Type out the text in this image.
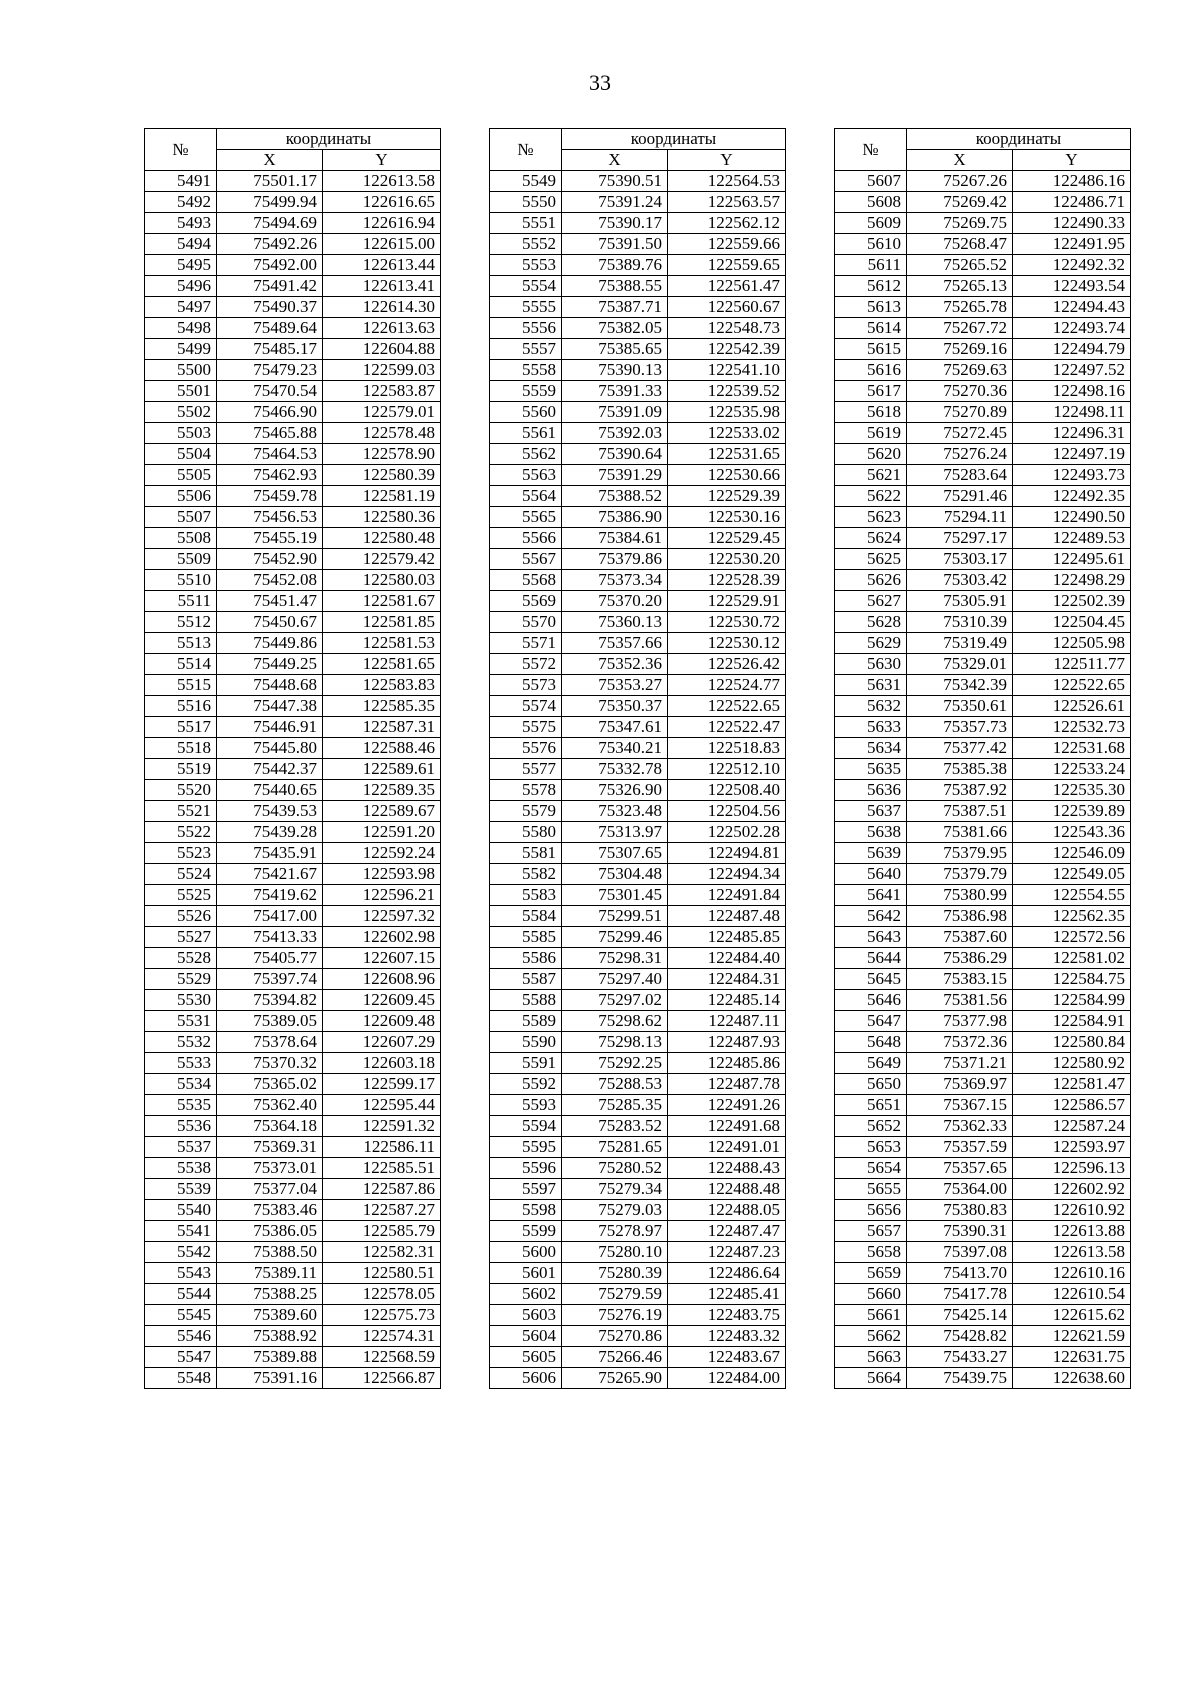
33
№	координаты	
	X	Y
5491	75501.17	122613.58
5492	75499.94	122616.65
5493	75494.69	122616.94
5494	75492.26	122615.00
5495	75492.00	122613.44
5496	75491.42	122613.41
5497	75490.37	122614.30
5498	75489.64	122613.63
5499	75485.17	122604.88
5500	75479.23	122599.03
5501	75470.54	122583.87
5502	75466.90	122579.01
5503	75465.88	122578.48
5504	75464.53	122578.90
5505	75462.93	122580.39
5506	75459.78	122581.19
5507	75456.53	122580.36
5508	75455.19	122580.48
5509	75452.90	122579.42
5510	75452.08	122580.03
5511	75451.47	122581.67
5512	75450.67	122581.85
5513	75449.86	122581.53
5514	75449.25	122581.65
5515	75448.68	122583.83
5516	75447.38	122585.35
5517	75446.91	122587.31
5518	75445.80	122588.46
5519	75442.37	122589.61
5520	75440.65	122589.35
5521	75439.53	122589.67
5522	75439.28	122591.20
5523	75435.91	122592.24
5524	75421.67	122593.98
5525	75419.62	122596.21
5526	75417.00	122597.32
5527	75413.33	122602.98
5528	75405.77	122607.15
5529	75397.74	122608.96
5530	75394.82	122609.45
5531	75389.05	122609.48
5532	75378.64	122607.29
5533	75370.32	122603.18
5534	75365.02	122599.17
5535	75362.40	122595.44
5536	75364.18	122591.32
5537	75369.31	122586.11
5538	75373.01	122585.51
5539	75377.04	122587.86
5540	75383.46	122587.27
5541	75386.05	122585.79
5542	75388.50	122582.31
5543	75389.11	122580.51
5544	75388.25	122578.05
5545	75389.60	122575.73
5546	75388.92	122574.31
5547	75389.88	122568.59
5548	75391.16	122566.87
№	координаты	
	X	Y
5549	75390.51	122564.53
5550	75391.24	122563.57
5551	75390.17	122562.12
5552	75391.50	122559.66
5553	75389.76	122559.65
5554	75388.55	122561.47
5555	75387.71	122560.67
5556	75382.05	122548.73
5557	75385.65	122542.39
5558	75390.13	122541.10
5559	75391.33	122539.52
5560	75391.09	122535.98
5561	75392.03	122533.02
5562	75390.64	122531.65
5563	75391.29	122530.66
5564	75388.52	122529.39
5565	75386.90	122530.16
5566	75384.61	122529.45
5567	75379.86	122530.20
5568	75373.34	122528.39
5569	75370.20	122529.91
5570	75360.13	122530.72
5571	75357.66	122530.12
5572	75352.36	122526.42
5573	75353.27	122524.77
5574	75350.37	122522.65
5575	75347.61	122522.47
5576	75340.21	122518.83
5577	75332.78	122512.10
5578	75326.90	122508.40
5579	75323.48	122504.56
5580	75313.97	122502.28
5581	75307.65	122494.81
5582	75304.48	122494.34
5583	75301.45	122491.84
5584	75299.51	122487.48
5585	75299.46	122485.85
5586	75298.31	122484.40
5587	75297.40	122484.31
5588	75297.02	122485.14
5589	75298.62	122487.11
5590	75298.13	122487.93
5591	75292.25	122485.86
5592	75288.53	122487.78
5593	75285.35	122491.26
5594	75283.52	122491.68
5595	75281.65	122491.01
5596	75280.52	122488.43
5597	75279.34	122488.48
5598	75279.03	122488.05
5599	75278.97	122487.47
5600	75280.10	122487.23
5601	75280.39	122486.64
5602	75279.59	122485.41
5603	75276.19	122483.75
5604	75270.86	122483.32
5605	75266.46	122483.67
5606	75265.90	122484.00
№	координаты	
	X	Y
5607	75267.26	122486.16
5608	75269.42	122486.71
5609	75269.75	122490.33
5610	75268.47	122491.95
5611	75265.52	122492.32
5612	75265.13	122493.54
5613	75265.78	122494.43
5614	75267.72	122493.74
5615	75269.16	122494.79
5616	75269.63	122497.52
5617	75270.36	122498.16
5618	75270.89	122498.11
5619	75272.45	122496.31
5620	75276.24	122497.19
5621	75283.64	122493.73
5622	75291.46	122492.35
5623	75294.11	122490.50
5624	75297.17	122489.53
5625	75303.17	122495.61
5626	75303.42	122498.29
5627	75305.91	122502.39
5628	75310.39	122504.45
5629	75319.49	122505.98
5630	75329.01	122511.77
5631	75342.39	122522.65
5632	75350.61	122526.61
5633	75357.73	122532.73
5634	75377.42	122531.68
5635	75385.38	122533.24
5636	75387.92	122535.30
5637	75387.51	122539.89
5638	75381.66	122543.36
5639	75379.95	122546.09
5640	75379.79	122549.05
5641	75380.99	122554.55
5642	75386.98	122562.35
5643	75387.60	122572.56
5644	75386.29	122581.02
5645	75383.15	122584.75
5646	75381.56	122584.99
5647	75377.98	122584.91
5648	75372.36	122580.84
5649	75371.21	122580.92
5650	75369.97	122581.47
5651	75367.15	122586.57
5652	75362.33	122587.24
5653	75357.59	122593.97
5654	75357.65	122596.13
5655	75364.00	122602.92
5656	75380.83	122610.92
5657	75390.31	122613.88
5658	75397.08	122613.58
5659	75413.70	122610.16
5660	75417.78	122610.54
5661	75425.14	122615.62
5662	75428.82	122621.59
5663	75433.27	122631.75
5664	75439.75	122638.60
